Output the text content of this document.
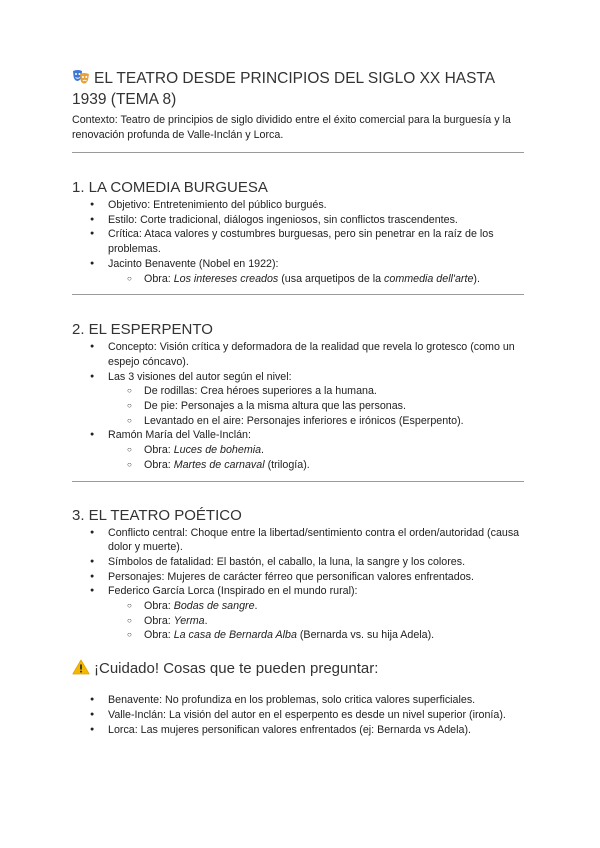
EL TEATRO DESDE PRINCIPIOS DEL SIGLO XX HASTA
1939 (TEMA 8)

Contexto: Teatro de principios de siglo dividido entre el éxito comercial para la burguesía y la renovación profunda de Valle-Inclán y Lorca.

1. LA COMEDIA BURGUESA
● Objetivo: Entretenimiento del público burgués.
● Estilo: Corte tradicional, diálogos ingeniosos, sin conflictos trascendentes.
● Crítica: Ataca valores y costumbres burguesas, pero sin penetrar en la raíz de los problemas.
● Jacinto Benavente (Nobel en 1922):
○ Obra: Los intereses creados (usa arquetipos de la commedia dell'arte).
2. EL ESPERPENTO
● Concepto: Visión crítica y deformadora de la realidad que revela lo grotesco (como un espejo cóncavo).
● Las 3 visiones del autor según el nivel:
○ De rodillas: Crea héroes superiores a la humana.
○ De pie: Personajes a la misma altura que las personas.
○ Levantado en el aire: Personajes inferiores e irónicos (Esperpento).
● Ramón María del Valle-Inclán:
○ Obra: Luces de bohemia.
○ Obra: Martes de carnaval (trilogía).
3. EL TEATRO POÉTICO
● Conflicto central: Choque entre la libertad/sentimiento contra el orden/autoridad (causa dolor y muerte).
● Símbolos de fatalidad: El bastón, el caballo, la luna, la sangre y los colores.
● Personajes: Mujeres de carácter férreo que personifican valores enfrentados.
● Federico García Lorca (Inspirado en el mundo rural):
○ Obra: Bodas de sangre.
○ Obra: Yerma.
○ Obra: La casa de Bernarda Alba (Bernarda vs. su hija Adela).
¡Cuidado! Cosas que te pueden preguntar:
● Benavente: No profundiza en los problemas, solo critica valores superficiales.
● Valle-Inclán: La visión del autor en el esperpento es desde un nivel superior (ironía).
● Lorca: Las mujeres personifican valores enfrentados (ej: Bernarda vs Adela).
